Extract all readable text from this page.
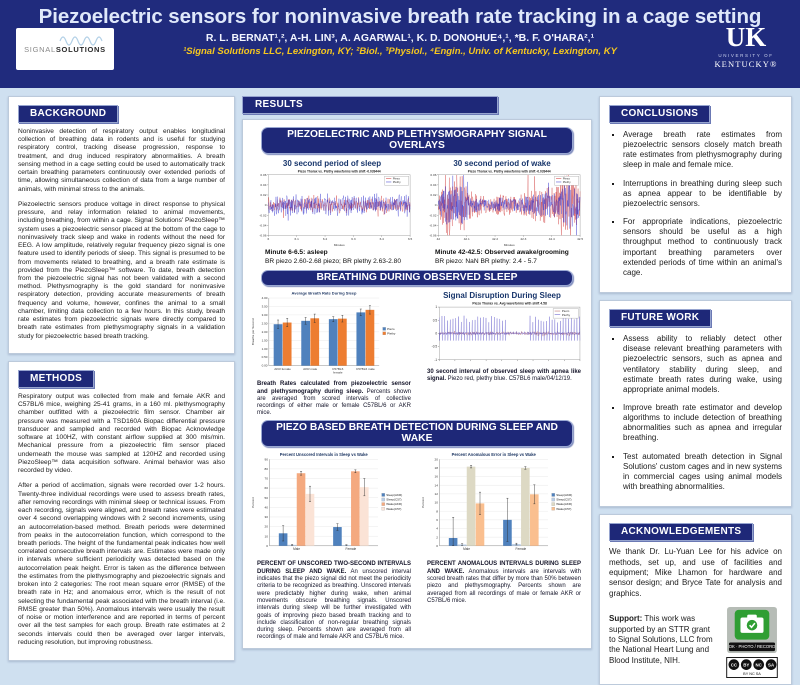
SIGNALSOLUTIONS
Piezoelectric sensors for noninvasive breath rate tracking in a cage setting
R. L. BERNAT¹,², A-H. LIN³, A. AGARWAL¹, K. D. DONOHUE⁴,¹, *B. F. O'HARA²,¹
¹Signal Solutions LLC, Lexington, KY; ²Biol., ³Physiol., ⁴Engin., Univ. of Kentucky, Lexington, KY	UK
UNIVERSITY OF
KENTUCKY®
BACKGROUND

Noninvasive detection of respiratory output enables longitudinal collection of breathing data in rodents and is useful for studying respiratory control, tracking disease progression, response to treatment, and drug induced respiratory abnormalities. A breath sensing method in a cage setting could be used to automatically track certain breathing parameters continuously over extended periods of time, allowing simultaneous collection of data from a large number of animals, with minimal stress to the animals.

Piezoelectric sensors produce voltage in direct response to physical pressure, and relay information related to animal movements, including breathing, from within a cage. Signal Solutions' PiezoSleep™ system uses a piezoelectric sensor placed at the bottom of the cage to noninvasively track sleep and wake in rodents without the need for EEG. A low amplitude, relatively regular frequency piezo signal is one feature used to identify periods of sleep. This signal is presumed to be from movements related to breathing, and a breath rate estimate is provided from the PiezoSleep™ software. To date, breath detection from the piezoelectric signal has not been validated with a second method. Plethysmography is the gold standard for noninvasive respiratory detection, providing accurate measurements of breath frequency and volume, however, confines the animal to a small chamber, limiting data collection to a few hours. In this study, breath rate estimates from piezoelectric signals were directly compared to breath rate estimates from plethysmography signals in a validation study for piezoelectric based breath tracking.

METHODS

Respiratory output was collected from male and female AKR and C57BL/6 mice, weighing 25-41 grams, in a 160 ml. plethysmography chamber outfitted with a piezoelectric film sensor. Chamber air pressure was measured with a TSD160A Biopac differential pressure transducer and sampled and recorded with Biopac Acknowledge software at 100HZ, with constant airflow supplied at 300 mls/min. Mechanical pressure from a piezoelectric film sensor placed underneath the mouse was sampled at 120HZ and recorded using PiezoSleep™ data acquisition software. Animal behavior was also recorded by video.

After a period of acclimation, signals were recorded over 1-2 hours. Twenty-three individual recordings were used to assess breath rates, after removing recordings with minimal sleep or technical issues. From each recording, signals were aligned, and breath rates were estimated over 4 second overlapping windows with 2 second increments, using an autocorrelation-based method. Breath periods were determined from peaks in the autocorrelation function, which correspond to the breath periods. The height of the fundamental peak indicates how well correlated consecutive breath intervals are. Estimates were made only in intervals where sufficient periodicity was detected based on the autocorrelation peak height. Error is taken as the difference between the estimates from the plethysmography and piezoelectric signals and broken into 2 categories: The root mean square error (RMSE) of the breath rate in Hz; and anomalous error, which is the result of not selecting the fundamental peak associated with the breath interval (i.e. RMSE greater than 50%). Anomalous intervals were usually the result of noise or motion interference and are reported in terms of percent over all the test samples for each group. Breath rate estimates at 2 seconds intervals could then be averaged over larger intervals, reducing resolution, but improving robustness.

RESULTS
PIEZOELECTRIC AND PLETHYSMOGRAPHY SIGNAL OVERLAYS
30 second period of sleep
Piezo Thorax vs. Plethy waveforms with shift -0.039444
0.06
0.04
0.02
0
-0.02
-0.04
-0.06
6	6.1	6.2	6.3	6.4	6.5
Minutes
Piezo
Plethy
Minute 6-6.5: asleep
BR piezo 2.60-2.68 piezo; BR plethy 2.63-2.80
30 second period of wake
Piezo Thorax vs. Plethy waveforms with shift -0.039444
0.06
0.04
0.02
0
-0.02
-0.04
-0.06
42	42.1	42.2	42.3	42.4	42.5
Minutes
Piezo
Plethy
Minute 42-42.5: Observed awake/grooming
BR piezo: NaN BR plethy: 2.4 - 5.7
BREATHING DURING OBSERVED SLEEP
Average Breath Rate During Sleep
0.00
0.50
1.00
1.50
2.00
2.50
3.00
3.50
4.00
Breaths per Second
AKR female	AKR male	C57BL6
female
C57BL6 male
Piezo
Plethy

Breath Rates calculated from piezoelectric sensor and plethysmography during sleep. Percents shown are averaged from scored intervals of collective recordings of either male or female C57BL/6 or AKR mice.

Signal Disruption During Sleep
Piezo Thorax vs. Avg waveforms with shift 4.58
1
0.5
0
-0.5
-1
Piezo
Plethy

30 second interval of observed sleep with apnea like signal. Piezo red, plethy blue. C57BL6 male/04/12/19.

PIEZO BASED BREATH DETECTION DURING SLEEP AND WAKE
Percent Unscored Intervals in Sleep vs Wake
0
10
20
30
40
50
60
70
80
90
Percent
Male	Female
Sleep(AKR)
Sleep(C57)
Wake(AKR)
Wake(C57)

PERCENT OF UNSCORED TWO-SECOND INTERVALS DURING SLEEP AND WAKE. An unscored interval indicates that the piezo signal did not meet the periodicity criteria to be recognized as breathing. Unscored intervals were predictably higher during wake, when animal movements obscure breathing signals. Unscored intervals during sleep will be further investigated with goals of improving piezo based breath tracking and to include classification of non-regular breathing signals during sleep. Percents shown are averaged from all recordings of male and female AKR and C57BL/6 mice.

Percent Anomalous Error in Sleep vs Wake
0
2
4
6
8
10
12
14
16
18
20
Percent
Male	Female
Sleep(AKR)
Sleep(C57)
Wake(AKR)
Wake(C57)

PERCENT ANOMALOUS INTERVALS DURING SLEEP AND WAKE. Anomalous intervals are intervals with scored breath rates that differ by more than 50% between piezo and plethysmography. Percents shown are averaged from all recordings of male or female AKR or C57BL/6 mice.

CONCLUSIONS
▪ Average breath rate estimates from piezoelectric sensors closely match breath rate estimates from plethysmography during sleep in male and female mice.
▪ Interruptions in breathing during sleep such as apnea appear to be identifiable by piezoelectric sensors.
▪ For appropriate indications, piezoelectric sensors should be useful as a high throughput method to continuously track important breathing parameters over extended periods of time within an animal's cage.
FUTURE WORK
▪ Assess ability to reliably detect other disease relevant breathing parameters with piezoelectric sensors, such as apnea and ventilatory stability during sleep, and estimate breath rates during wake, using appropriate animal models.
▪ Improve breath rate estimator and develop algorithms to include detection of breathing abnormalities such as apnea and irregular breathing.
▪ Test automated breath detection in Signal Solutions' custom cages and in new systems in commercial cages using animal models with breathing abnormalities.
ACKNOWLEDGEMENTS

We thank Dr. Lu-Yuan Lee for his advice on methods, set up, and use of facilities and equipment; Mike Lhamon for hardware and sensor design; and Bryce Tate for analysis and graphics.

Support: This work was supported by an STTR grant to Signal Solutions, LLC from the National Heart Lung and Blood Institute, NIH.

OK · PHOTO / RECORD
CC BY NC SA
BY NC SA
